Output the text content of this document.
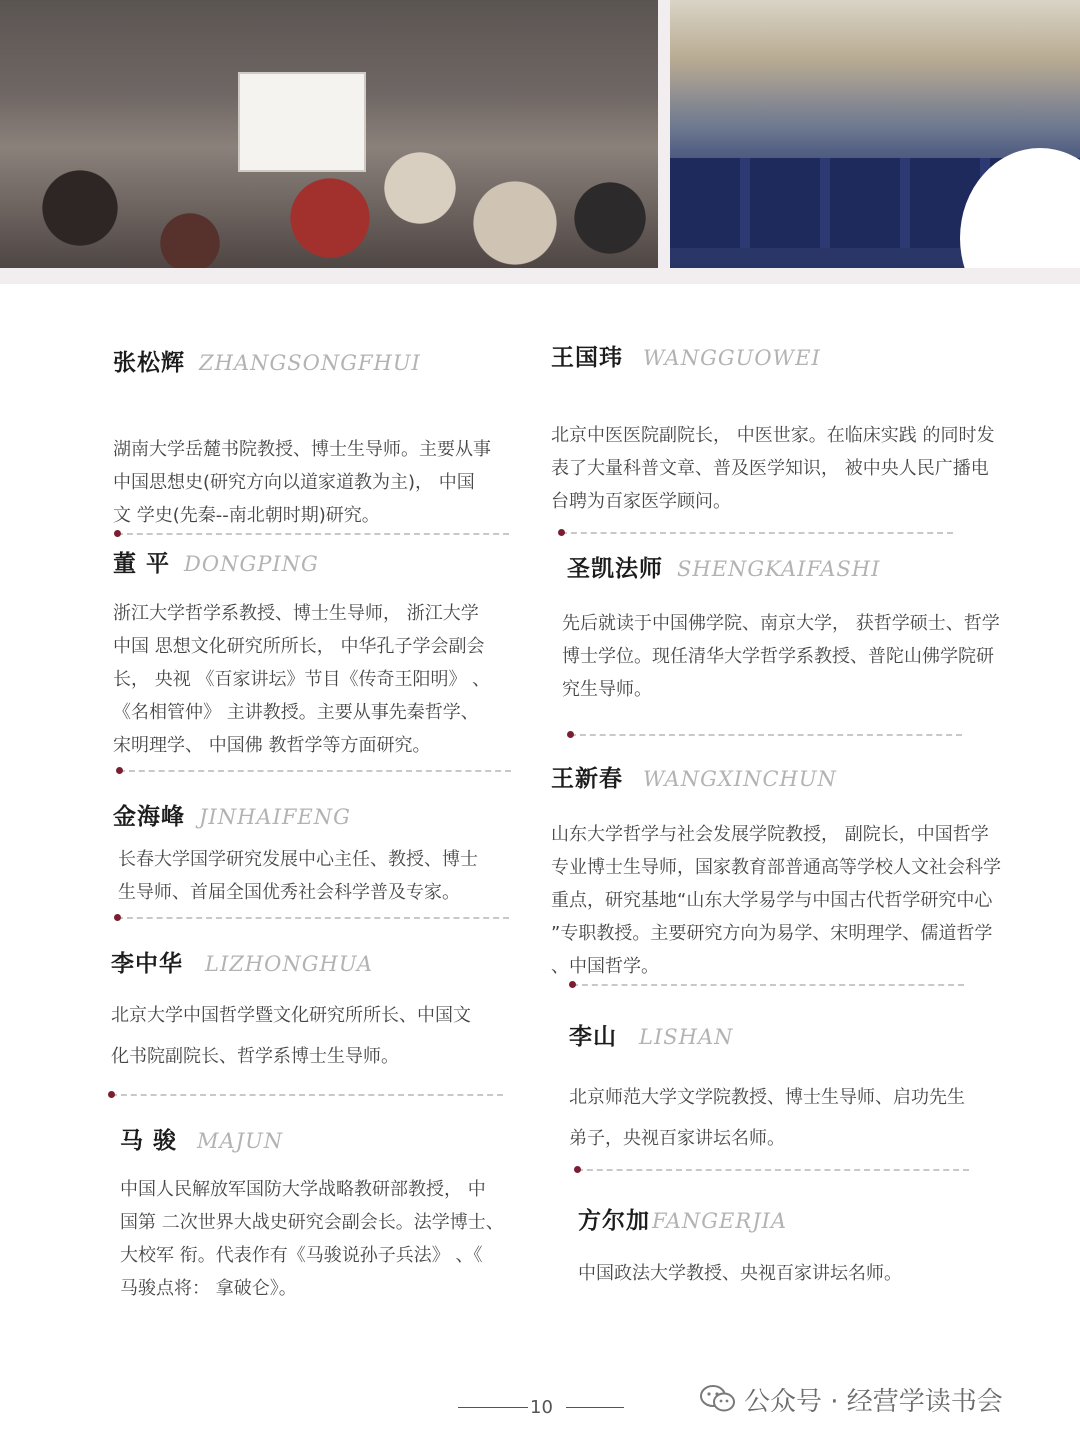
张松辉 ZHANGSONGFHUI
湖南大学岳麓书院教授、博士生导师。主要从事
中国思想史(研究方向以道家道教为主)， 中国
文 学史(先秦--南北朝时期)研究。
董 平 DONGPING
浙江大学哲学系教授、博士生导师， 浙江大学
中国 思想文化研究所所长， 中华孔子学会副会
长， 央视 《百家讲坛》节目《传奇王阳明》 、
《名相管仲》 主讲教授。主要从事先秦哲学、
宋明理学、 中国佛 教哲学等方面研究。
金海峰 JINHAIFENG
长春大学国学研究发展中心主任、教授、博士
生导师、首届全国优秀社会科学普及专家。
李中华 LIZHONGHUA
北京大学中国哲学暨文化研究所所长、中国文
化书院副院长、哲学系博士生导师。
马 骏 MAJUN
中国人民解放军国防大学战略教研部教授， 中
国第 二次世界大战史研究会副会长。法学博士、
大校军 衔。代表作有《马骏说孙子兵法》 、《
马骏点将： 拿破仑》。
王国玮 WANGGUOWEI
北京中医医院副院长， 中医世家。在临床实践 的同时发
表了大量科普文章、普及医学知识， 被中央人民广播电
台聘为百家医学顾问。
圣凯法师 SHENGKAIFASHI
先后就读于中国佛学院、南京大学， 获哲学硕士、哲学
博士学位。现任清华大学哲学系教授、普陀山佛学院研
究生导师。
王新春 WANGXINCHUN
山东大学哲学与社会发展学院教授， 副院长，中国哲学
专业博士生导师，国家教育部普通高等学校人文社会科学
重点，研究基地“山东大学易学与中国古代哲学研究中心
”专职教授。主要研究方向为易学、宋明理学、儒道哲学
、中国哲学。
李山 LISHAN
北京师范大学文学院教授、博士生导师、启功先生
弟子，央视百家讲坛名师。
方尔加FANGERJIA
中国政法大学教授、央视百家讲坛名师。
10	公众号 · 经营学读书会
